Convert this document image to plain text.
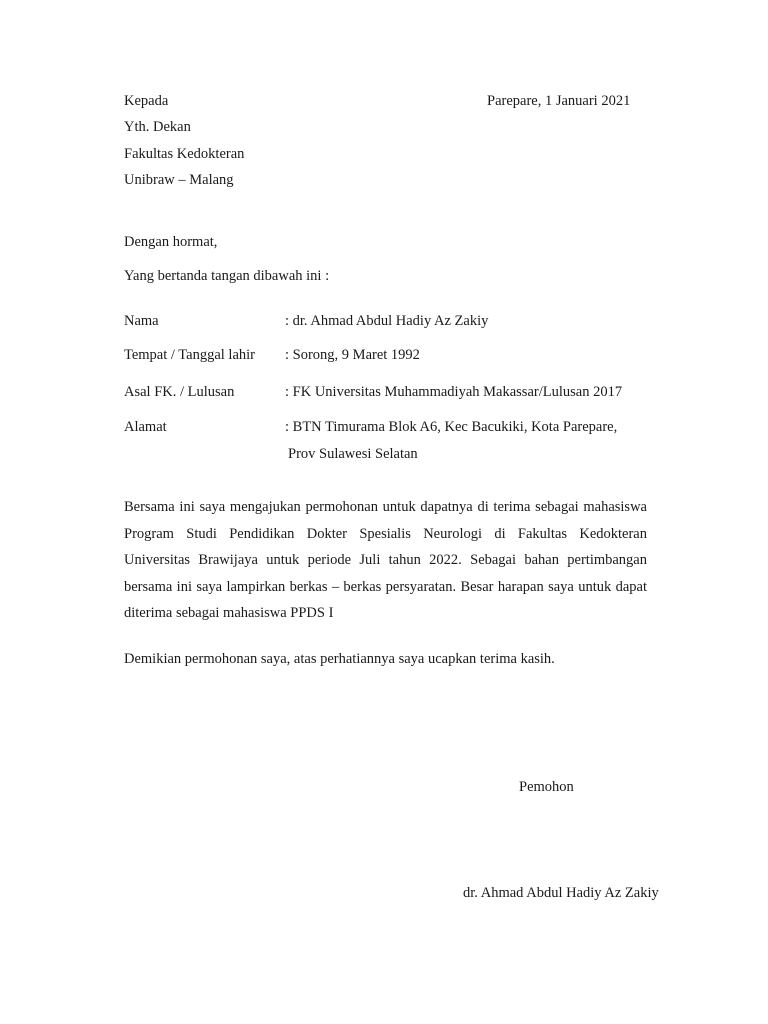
Kepada
Yth. Dekan
Fakultas Kedokteran
Unibraw – Malang
Parepare, 1 Januari 2021
Dengan hormat,
Yang bertanda tangan dibawah ini :
Nama	: dr. Ahmad Abdul Hadiy Az Zakiy
Tempat / Tanggal lahir : Sorong, 9 Maret 1992
Asal FK. / Lulusan	: FK Universitas Muhammadiyah Makassar/Lulusan 2017
Alamat	: BTN Timurama Blok A6, Kec Bacukiki, Kota Parepare,
Prov Sulawesi Selatan
Bersama ini saya mengajukan permohonan untuk dapatnya di terima sebagai mahasiswa Program Studi Pendidikan Dokter Spesialis Neurologi di Fakultas Kedokteran Universitas Brawijaya untuk periode Juli tahun 2022. Sebagai bahan pertimbangan bersama ini saya lampirkan berkas – berkas persyaratan. Besar harapan saya untuk dapat diterima sebagai mahasiswa PPDS I
Demikian permohonan saya, atas perhatiannya saya ucapkan terima kasih.
Pemohon
dr. Ahmad Abdul Hadiy Az Zakiy
